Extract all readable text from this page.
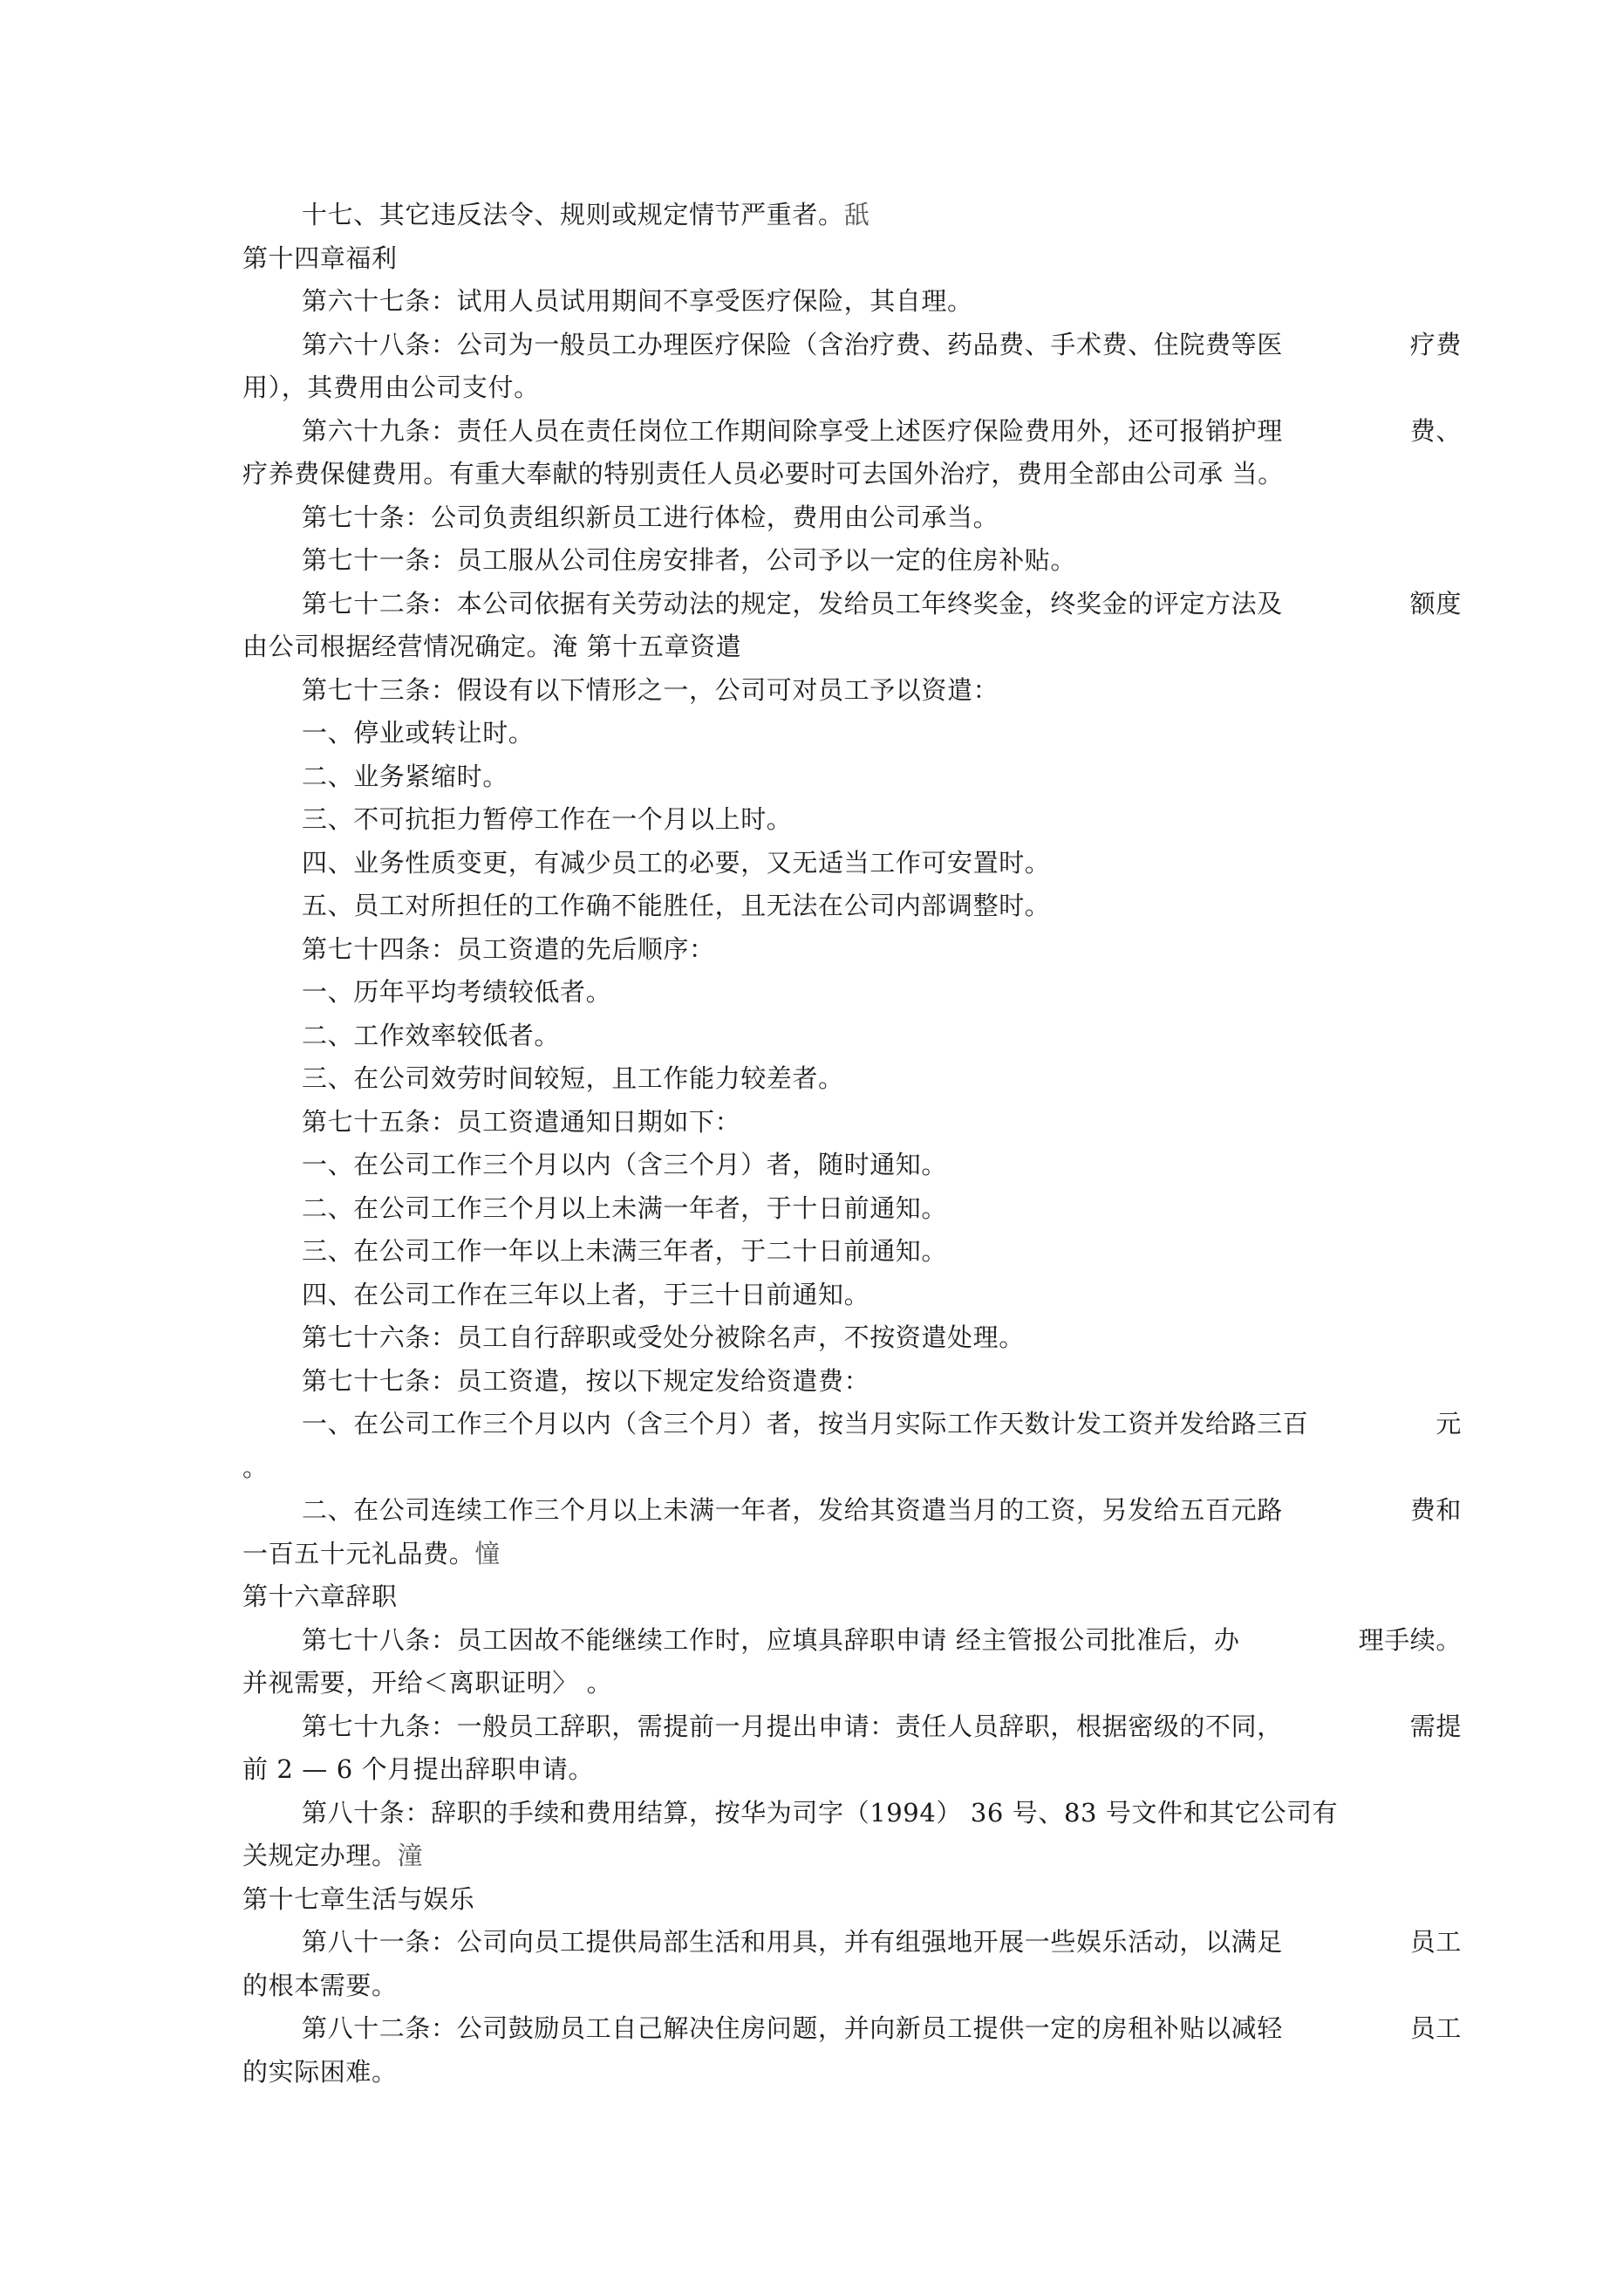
十七、其它违反法令、规则或规定情节严重者。舐
第十四章福利
第六十七条：试用人员试用期间不享受医疗保险，其自理。
第六十八条：公司为一般员工办理医疗保险（含治疗费、药品费、手术费、住院费等医	疗费
用），其费用由公司支付。
第六十九条：责任人员在责任岗位工作期间除享受上述医疗保险费用外，还可报销护理	费、
疗养费保健费用。有重大奉献的特别责任人员必要时可去国外治疗，费用全部由公司承 当。
第七十条：公司负责组织新员工进行体检，费用由公司承当。
第七十一条：员工服从公司住房安排者，公司予以一定的住房补贴。
第七十二条：本公司依据有关劳动法的规定，发给员工年终奖金，终奖金的评定方法及	额度
由公司根据经营情况确定。淹 第十五章资遣
第七十三条：假设有以下情形之一，公司可对员工予以资遣：
一、停业或转让时。
二、业务紧缩时。
三、不可抗拒力暂停工作在一个月以上时。
四、业务性质变更，有减少员工的必要，又无适当工作可安置时。
五、员工对所担任的工作确不能胜任，且无法在公司内部调整时。
第七十四条：员工资遣的先后顺序：
一、历年平均考绩较低者。
二、工作效率较低者。
三、在公司效劳时间较短，且工作能力较差者。
第七十五条：员工资遣通知日期如下：
一、在公司工作三个月以内（含三个月）者，随时通知。
二、在公司工作三个月以上未满一年者，于十日前通知。
三、在公司工作一年以上未满三年者，于二十日前通知。
四、在公司工作在三年以上者，于三十日前通知。
第七十六条：员工自行辞职或受处分被除名声，不按资遣处理。
第七十七条：员工资遣，按以下规定发给资遣费：
一、在公司工作三个月以内（含三个月）者，按当月实际工作天数计发工资并发给路三百	元
。
二、在公司连续工作三个月以上未满一年者，发给其资遣当月的工资，另发给五百元路	费和
一百五十元礼品费。憧
第十六章辞职
第七十八条：员工因故不能继续工作时，应填具辞职申请 经主管报公司批准后，办	理手续。
并视需要，开给＜离职证明〉 。
第七十九条：一般员工辞职，需提前一月提出申请：责任人员辞职，根据密级的不同，	需提
前 2 — 6 个月提出辞职申请。
第八十条：辞职的手续和费用结算，按华为司字（1994） 36 号、83 号文件和其它公司有
关规定办理。潼
第十七章生活与娱乐
第八十一条：公司向员工提供局部生活和用具，并有组强地开展一些娱乐活动，以满足	员工
的根本需要。
第八十二条：公司鼓励员工自己解决住房问题，并向新员工提供一定的房租补贴以减轻	员工
的实际困难。
